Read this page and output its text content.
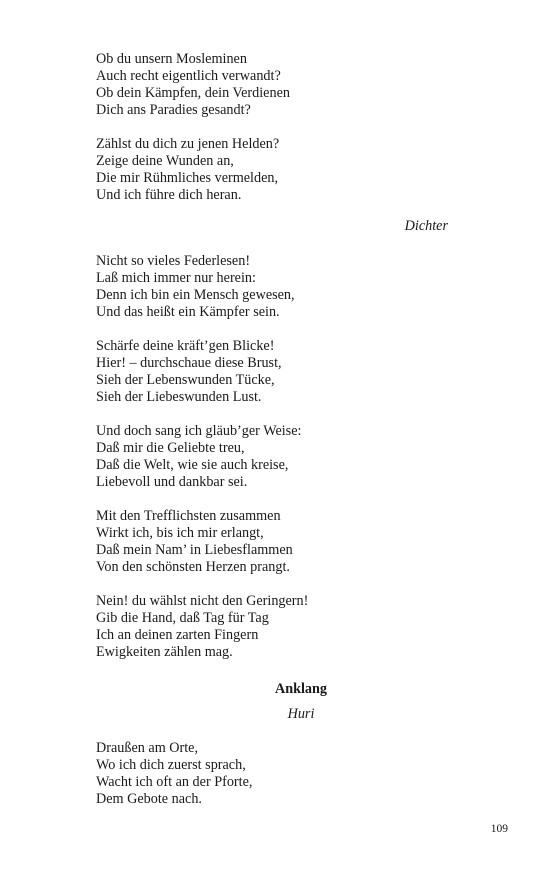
Ob du unsern Mosleminen
Auch recht eigentlich verwandt?
Ob dein Kämpfen, dein Verdienen
Dich ans Paradies gesandt?
Zählst du dich zu jenen Helden?
Zeige deine Wunden an,
Die mir Rühmliches vermelden,
Und ich führe dich heran.
Dichter
Nicht so vieles Federlesen!
Laß mich immer nur herein:
Denn ich bin ein Mensch gewesen,
Und das heißt ein Kämpfer sein.
Schärfe deine kräft’gen Blicke!
Hier! – durchschaue diese Brust,
Sieh der Lebenswunden Tücke,
Sieh der Liebeswunden Lust.
Und doch sang ich gläub’ger Weise:
Daß mir die Geliebte treu,
Daß die Welt, wie sie auch kreise,
Liebevoll und dankbar sei.
Mit den Trefflichsten zusammen
Wirkt ich, bis ich mir erlangt,
Daß mein Nam’ in Liebesflammen
Von den schönsten Herzen prangt.
Nein! du wählst nicht den Geringern!
Gib die Hand, daß Tag für Tag
Ich an deinen zarten Fingern
Ewigkeiten zählen mag.
Anklang
Huri
Draußen am Orte,
Wo ich dich zuerst sprach,
Wacht ich oft an der Pforte,
Dem Gebote nach.
109
